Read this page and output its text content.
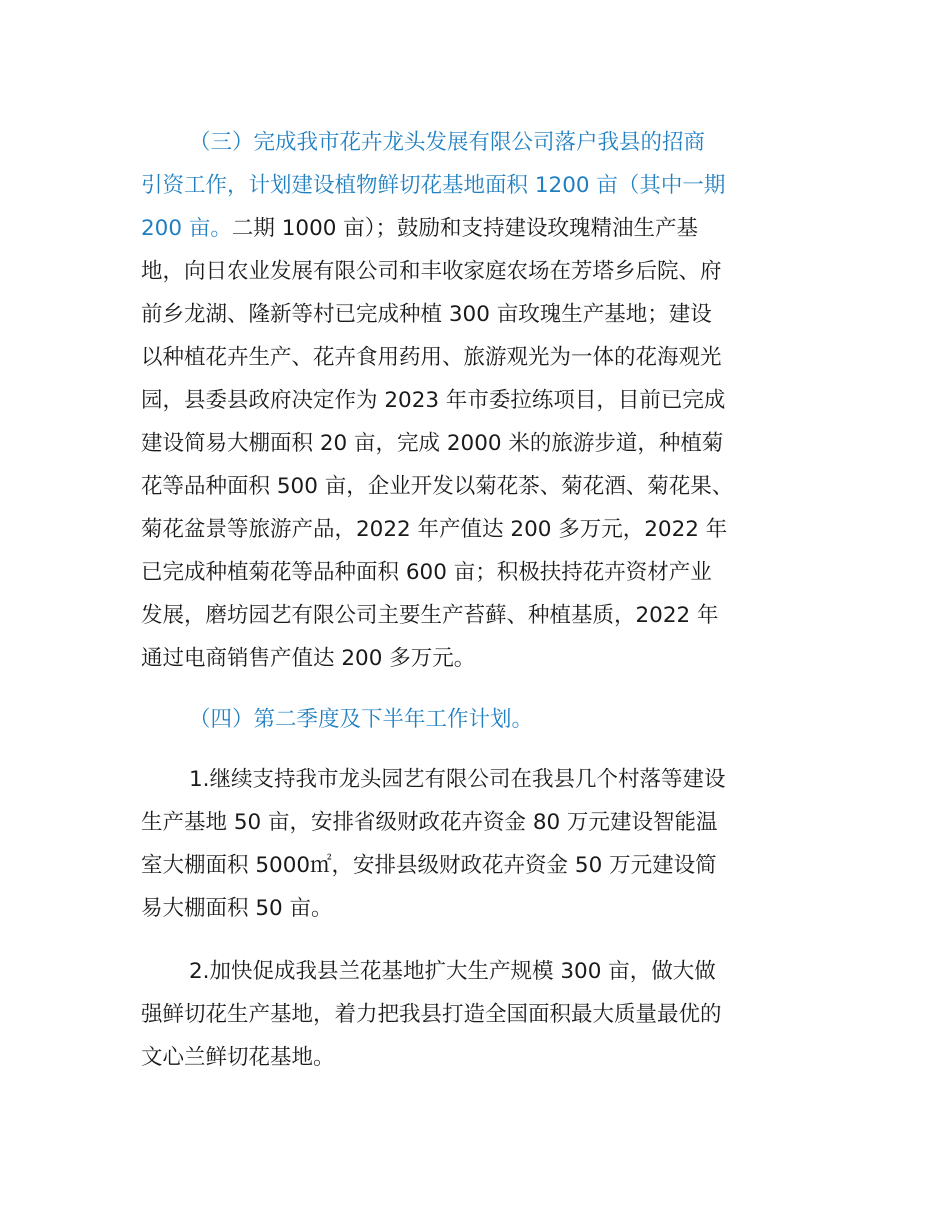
（三）完成我市花卉龙头发展有限公司落户我县的招商
引资工作，计划建设植物鲜切花基地面积 1200 亩（其中一期
200 亩。二期 1000 亩）；鼓励和支持建设玫瑰精油生产基
地，向日农业发展有限公司和丰收家庭农场在芳塔乡后院、府
前乡龙湖、隆新等村已完成种植 300 亩玫瑰生产基地；建设
以种植花卉生产、花卉食用药用、旅游观光为一体的花海观光
园，县委县政府决定作为 2023 年市委拉练项目，目前已完成
建设简易大棚面积 20 亩，完成 2000 米的旅游步道，种植菊
花等品种面积 500 亩，企业开发以菊花茶、菊花酒、菊花果、
菊花盆景等旅游产品，2022 年产值达 200 多万元，2022 年
已完成种植菊花等品种面积 600 亩；积极扶持花卉资材产业
发展，磨坊园艺有限公司主要生产苔藓、种植基质，2022 年
通过电商销售产值达 200 多万元。
（四）第二季度及下半年工作计划。
1.继续支持我市龙头园艺有限公司在我县几个村落等建设
生产基地 50 亩，安排省级财政花卉资金 80 万元建设智能温
室大棚面积 5000㎡，安排县级财政花卉资金 50 万元建设简
易大棚面积 50 亩。
2.加快促成我县兰花基地扩大生产规模 300 亩，做大做
强鲜切花生产基地，着力把我县打造全国面积最大质量最优的
文心兰鲜切花基地。
